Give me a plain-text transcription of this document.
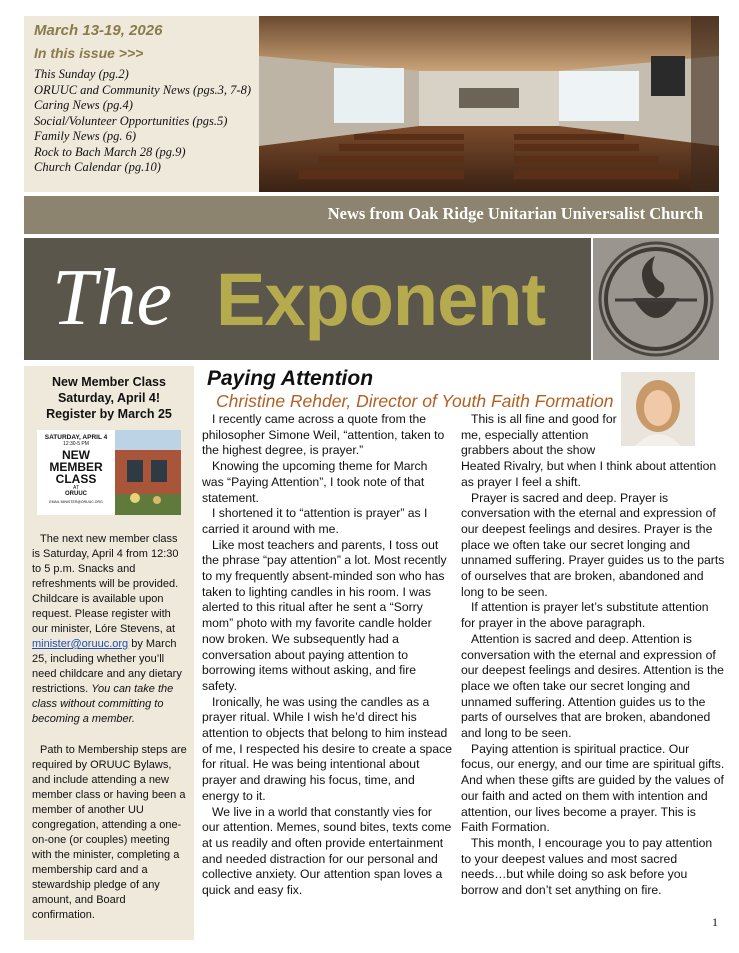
March 13-19, 2026
In this issue >>>
This Sunday (pg.2)
ORUUC and Community News (pgs.3, 7-8)
Caring News (pg.4)
Social/Volunteer Opportunities (pgs.5)
Family News (pg. 6)
Rock to Bach March 28 (pg.9)
Church Calendar (pg.10)
News from Oak Ridge Unitarian Universalist Church
The Exponent
New Member Class
Saturday, April 4!
Register by March 25
SATURDAY, APRIL 4
12:30-5 PM
NEW
MEMBER
CLASS
AT
ORUUC
EMAIL MINISTER@ORUUC.ORG

The next new member class is Saturday, April 4 from 12:30 to 5 p.m. Snacks and refreshments will be provided. Childcare is available upon request. Please register with our minister, Lóre Stevens, at minister@oruuc.org by March 25, including whether you’ll need childcare and any dietary restrictions. You can take the class without committing to becoming a member.

Path to Membership steps are required by ORUUC Bylaws, and include attending a new member class or having been a member of another UU congregation, attending a one-on-one (or couples) meeting with the minister, completing a membership card and a stewardship pledge of any amount, and Board confirmation.

Paying Attention
Christine Rehder, Director of Youth Faith Formation

I recently came across a quote from the philosopher Simone Weil, “attention, taken to the highest degree, is prayer.”

Knowing the upcoming theme for March was “Paying Attention”, I took note of that statement.

I shortened it to “attention is prayer” as I carried it around with me.

Like most teachers and parents, I toss out the phrase “pay attention” a lot. Most recently to my frequently absent-minded son who has taken to lighting candles in his room. I was alerted to this ritual after he sent a “Sorry mom” photo with my favorite candle holder now broken. We subsequently had a conversation about paying attention to borrowing items without asking, and fire safety.

Ironically, he was using the candles as a prayer ritual. While I wish he’d direct his attention to objects that belong to him instead of me, I respected his desire to create a space for ritual. He was being intentional about prayer and drawing his focus, time, and energy to it.

We live in a world that constantly vies for our attention. Memes, sound bites, texts come at us readily and often provide entertainment and needed distraction for our personal and collective anxiety. Our attention span loves a quick and easy fix.

This is all fine and good for me, especially attention grabbers about the show Heated Rivalry, but when I think about attention as prayer I feel a shift.

Prayer is sacred and deep. Prayer is conversation with the eternal and expression of our deepest feelings and desires. Prayer is the place we often take our secret longing and unnamed suffering. Prayer guides us to the parts of ourselves that are broken, abandoned and long to be seen.

If attention is prayer let’s substitute attention for prayer in the above paragraph.

Attention is sacred and deep. Attention is conversation with the eternal and expression of our deepest feelings and desires. Attention is the place we often take our secret longing and unnamed suffering. Attention guides us to the parts of ourselves that are broken, abandoned and long to be seen.

Paying attention is spiritual practice. Our focus, our energy, and our time are spiritual gifts. And when these gifts are guided by the values of our faith and acted on them with intention and attention, our lives become a prayer. This is Faith Formation.

This month, I encourage you to pay attention to your deepest values and most sacred needs…but while doing so ask before you borrow and don’t set anything on fire.

1
